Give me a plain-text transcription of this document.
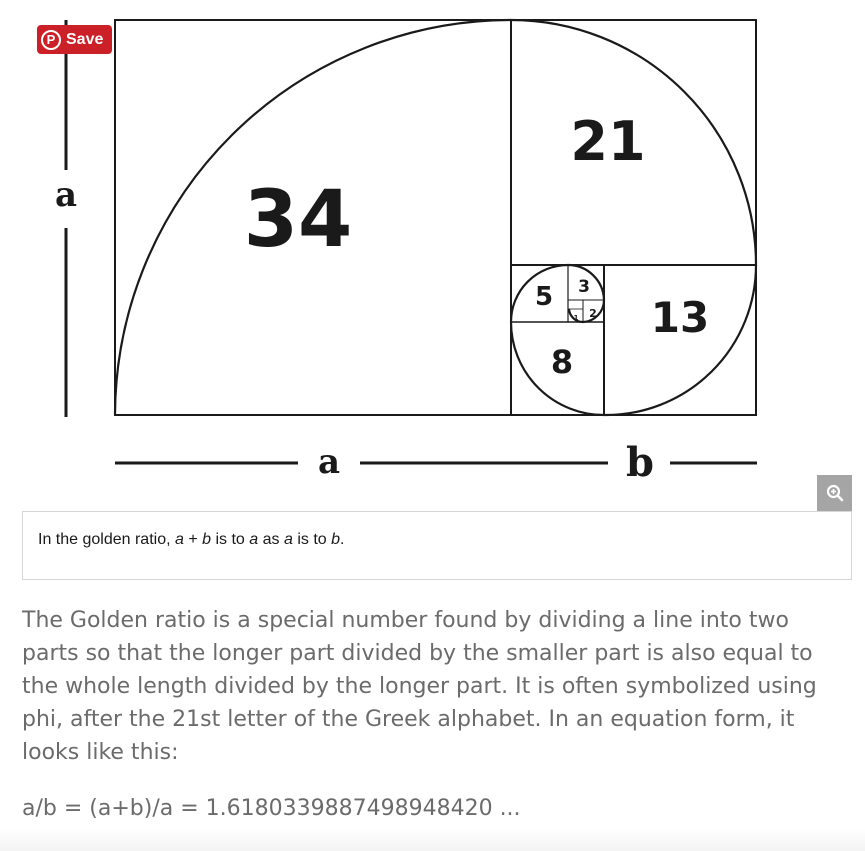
34
21
13
8
5 3
2
1
a
a	b
P Save
In the golden ratio, a + b is to a as a is to b.

The Golden ratio is a special number found by dividing a line into two parts so that the longer part divided by the smaller part is also equal to the whole length divided by the longer part. It is often symbolized using phi, after the 21st letter of the Greek alphabet. In an equation form, it looks like this:

a/b = (a+b)/a = 1.6180339887498948420 ...
